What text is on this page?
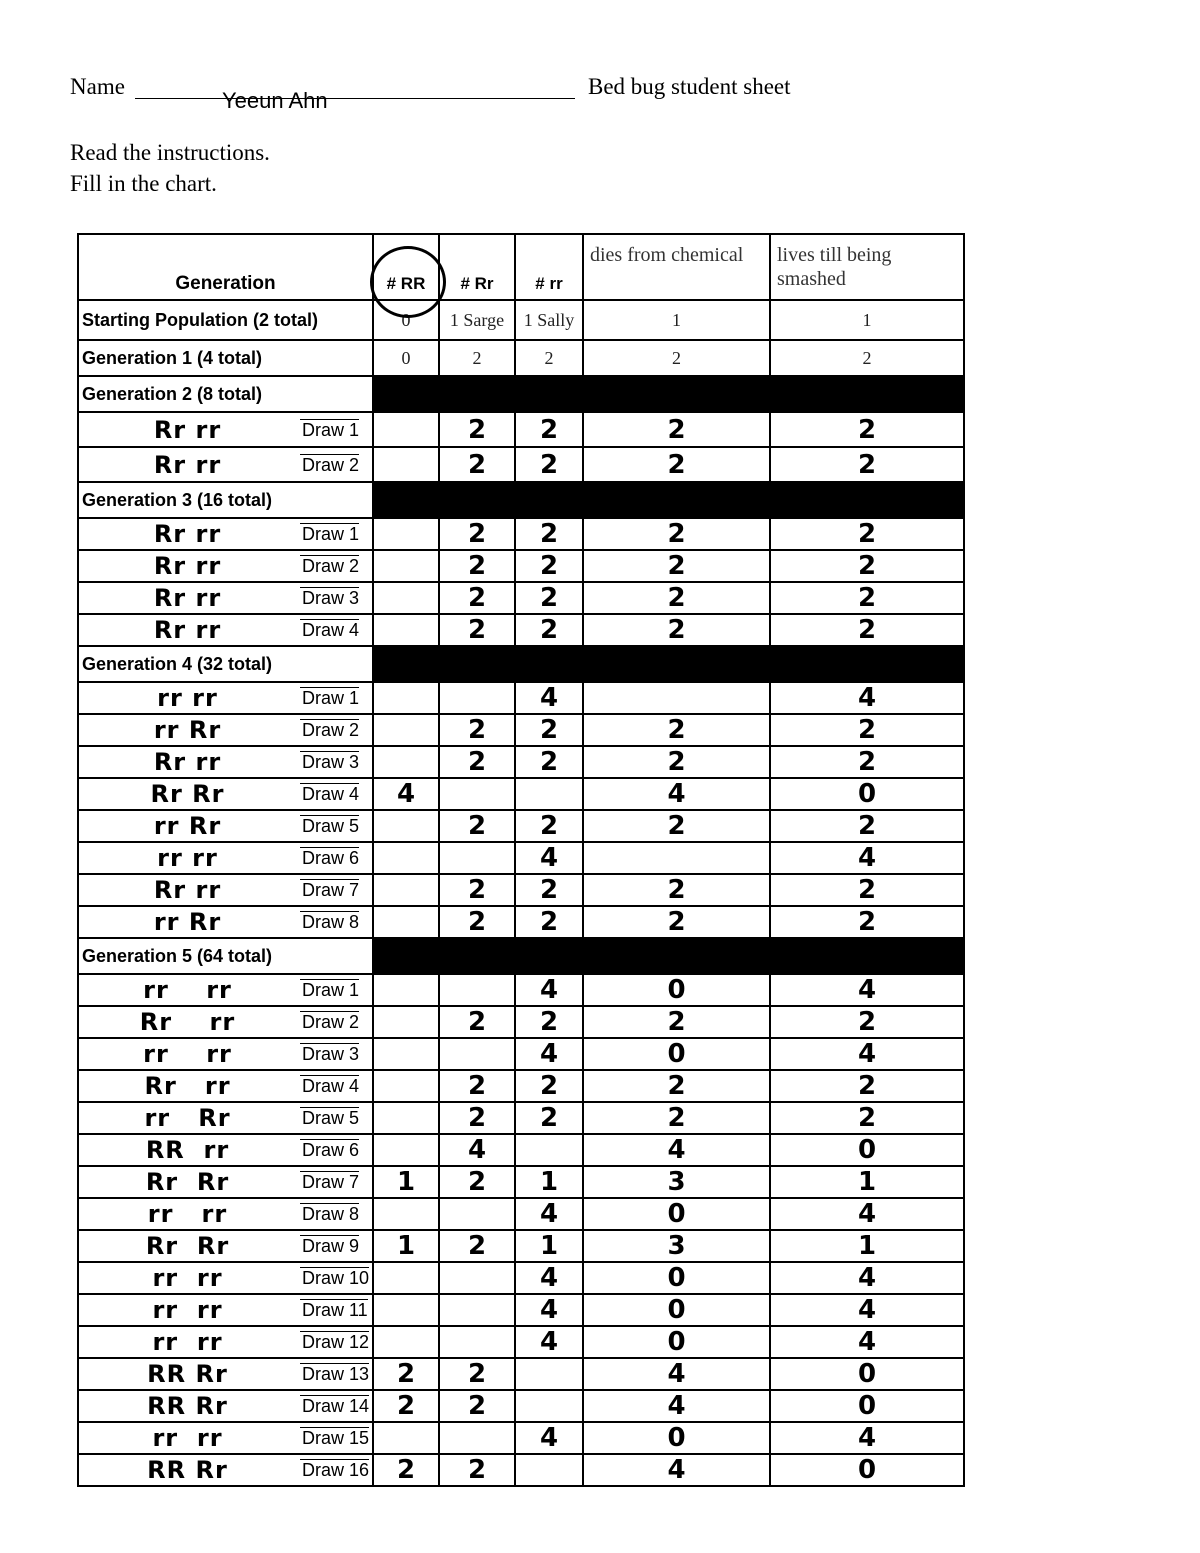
Name
Yeeun Ahn
Bed bug student sheet
Read the instructions.
Fill in the chart.
Generation		# RR	# Rr	# rr	dies from chemical	lives till being smashed
Starting Population (2 total)		0	1 Sarge	1 Sally	1	1
Generation 1 (4 total)		0	2	2	2	2
Generation 2 (8 total)						
Rr rr	Draw 1		2	2	2	2
Rr rr	Draw 2		2	2	2	2
Generation 3 (16 total)						
Rr rr	Draw 1		2	2	2	2
Rr rr	Draw 2		2	2	2	2
Rr rr	Draw 3		2	2	2	2
Rr rr	Draw 4		2	2	2	2
Generation 4 (32 total)						
rr rr	Draw 1			4		4
rr Rr	Draw 2		2	2	2	2
Rr rr	Draw 3		2	2	2	2
Rr Rr	Draw 4	4			4	0
rr Rr	Draw 5		2	2	2	2
rr rr	Draw 6			4		4
Rr rr	Draw 7		2	2	2	2
rr Rr	Draw 8		2	2	2	2
Generation 5 (64 total)						
rr    rr	Draw 1			4	0	4
Rr    rr	Draw 2		2	2	2	2
rr    rr	Draw 3			4	0	4
Rr   rr	Draw 4		2	2	2	2
rr   Rr	Draw 5		2	2	2	2
RR  rr	Draw 6		4		4	0
Rr  Rr	Draw 7	1	2	1	3	1
rr   rr	Draw 8			4	0	4
Rr  Rr	Draw 9	1	2	1	3	1
rr  rr	Draw 10			4	0	4
rr  rr	Draw 11			4	0	4
rr  rr	Draw 12			4	0	4
RR Rr	Draw 13	2	2		4	0
RR Rr	Draw 14	2	2		4	0
rr  rr	Draw 15			4	0	4
RR Rr	Draw 16	2	2		4	0
